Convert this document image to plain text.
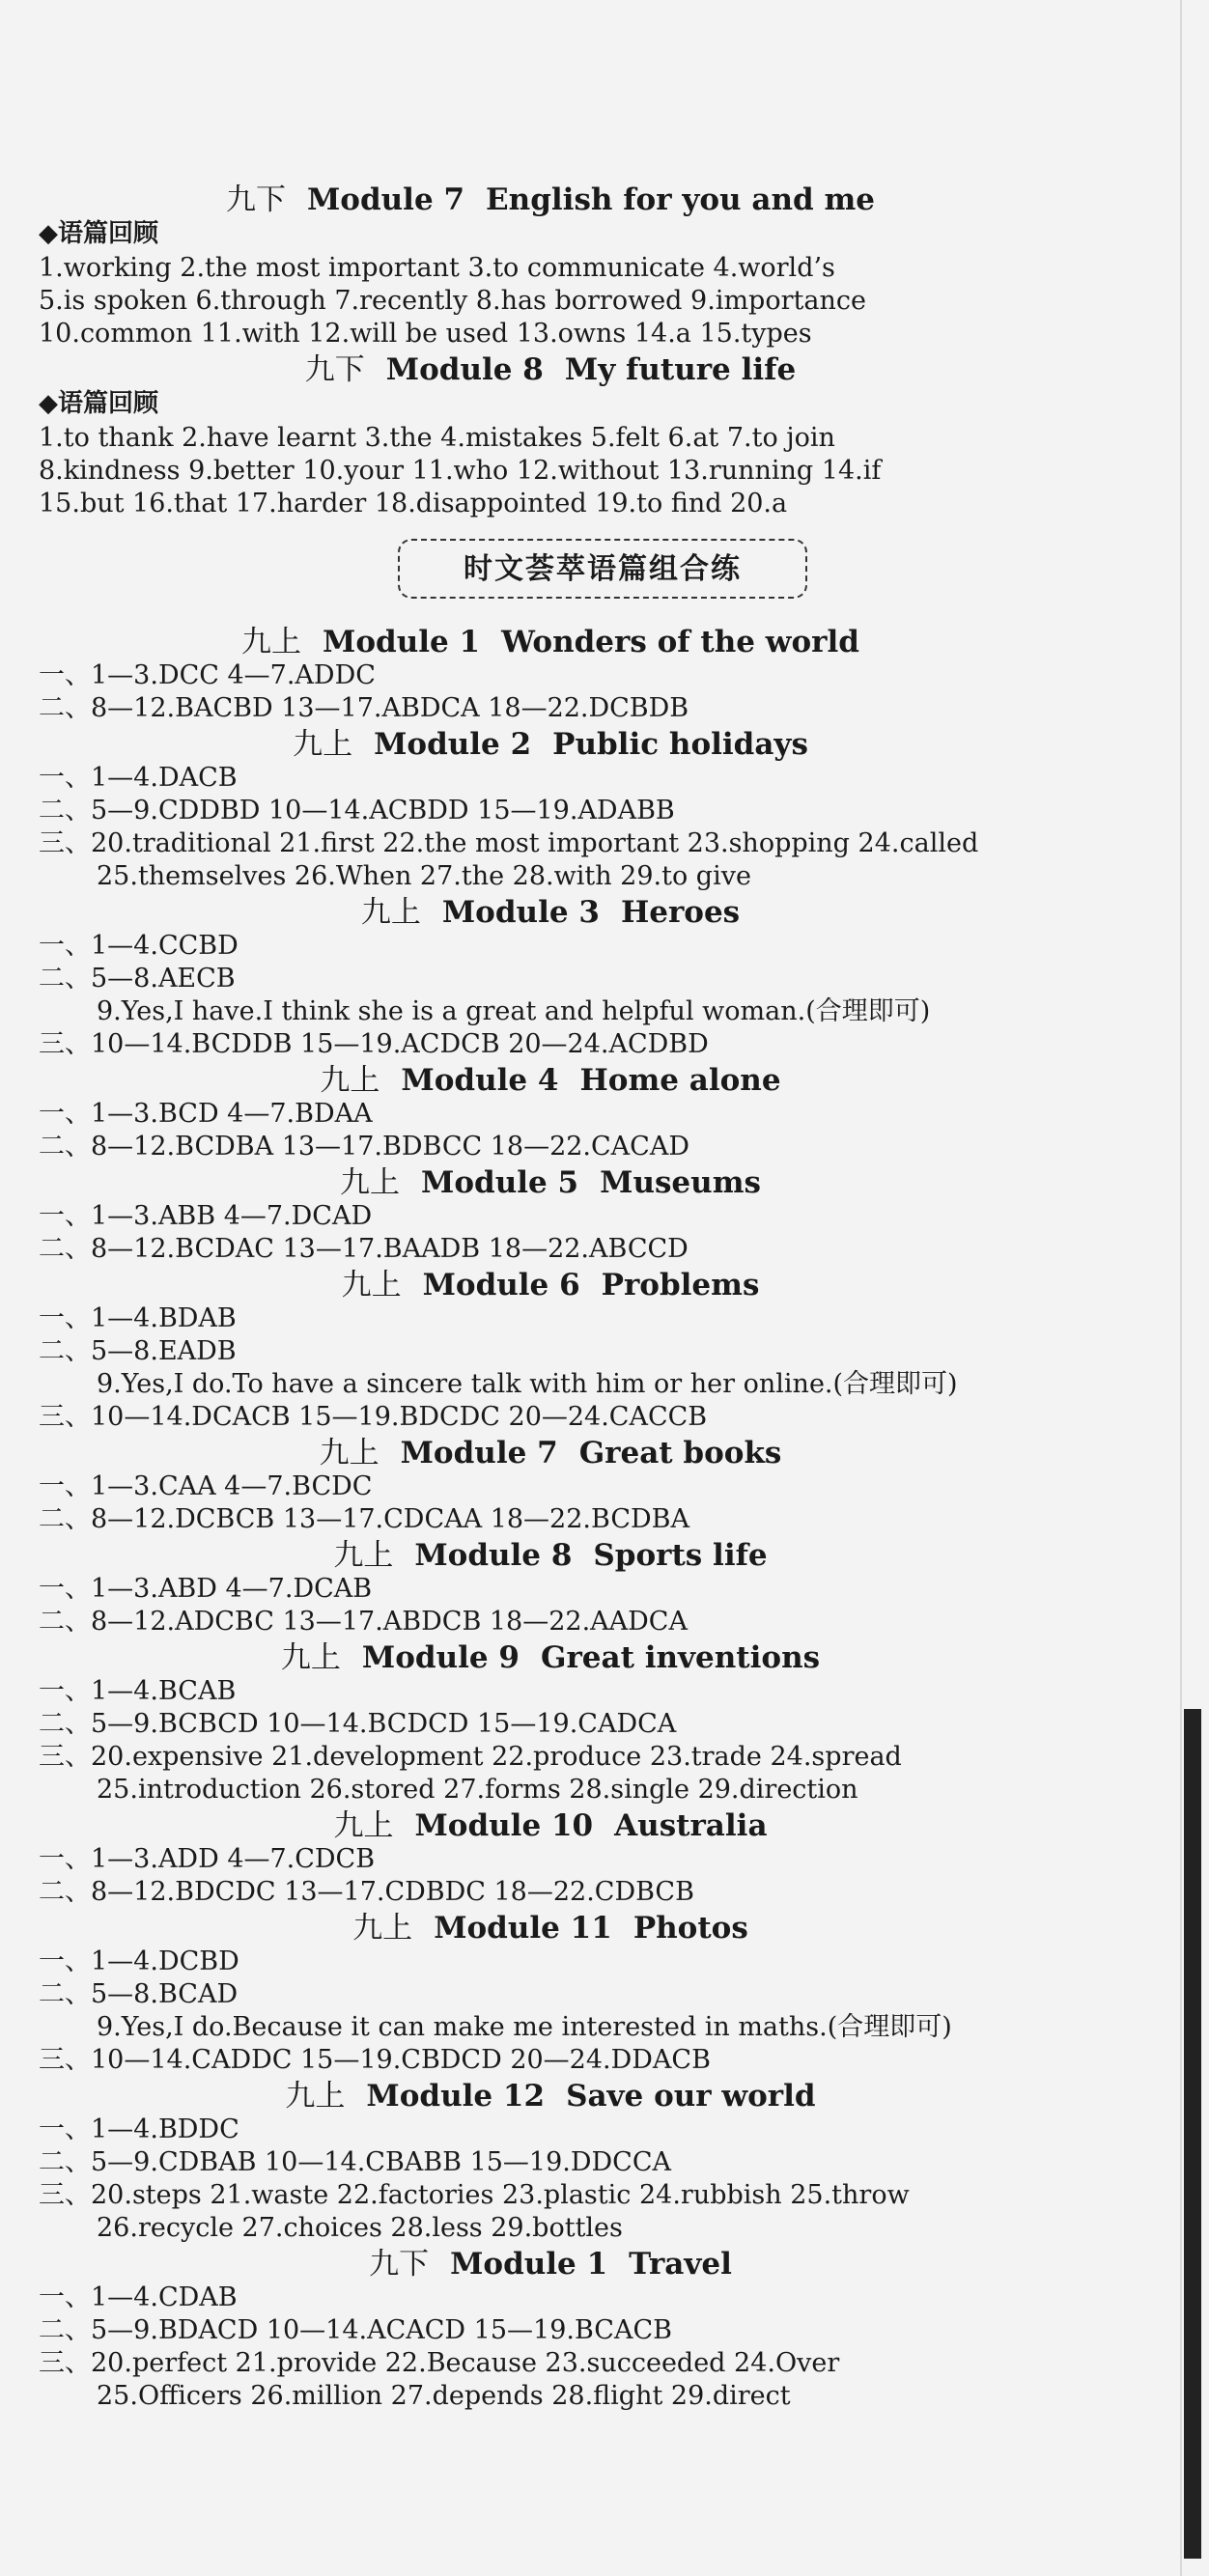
九下 Module 7 English for you and me
◆语篇回顾
1.working 2.the most important 3.to communicate 4.world’s
5.is spoken 6.through 7.recently 8.has borrowed 9.importance
10.common 11.with 12.will be used 13.owns 14.a 15.types
九下 Module 8 My future life
◆语篇回顾
1.to thank 2.have learnt 3.the 4.mistakes 5.felt 6.at 7.to join
8.kindness 9.better 10.your 11.who 12.without 13.running 14.if
15.but 16.that 17.harder 18.disappointed 19.to find 20.a
时文荟萃语篇组合练
九上 Module 1 Wonders of the world
一、1—3.DCC 4—7.ADDC
二、8—12.BACBD 13—17.ABDCA 18—22.DCBDB
九上 Module 2 Public holidays
一、1—4.DACB
二、5—9.CDDBD 10—14.ACBDD 15—19.ADABB
三、20.traditional 21.first 22.the most important 23.shopping 24.called
25.themselves 26.When 27.the 28.with 29.to give
九上 Module 3 Heroes
一、1—4.CCBD
二、5—8.AECB
9.Yes,I have.I think she is a great and helpful woman.(合理即可)
三、10—14.BCDDB 15—19.ACDCB 20—24.ACDBD
九上 Module 4 Home alone
一、1—3.BCD 4—7.BDAA
二、8—12.BCDBA 13—17.BDBCC 18—22.CACAD
九上 Module 5 Museums
一、1—3.ABB 4—7.DCAD
二、8—12.BCDAC 13—17.BAADB 18—22.ABCCD
九上 Module 6 Problems
一、1—4.BDAB
二、5—8.EADB
9.Yes,I do.To have a sincere talk with him or her online.(合理即可)
三、10—14.DCACB 15—19.BDCDC 20—24.CACCB
九上 Module 7 Great books
一、1—3.CAA 4—7.BCDC
二、8—12.DCBCB 13—17.CDCAA 18—22.BCDBA
九上 Module 8 Sports life
一、1—3.ABD 4—7.DCAB
二、8—12.ADCBC 13—17.ABDCB 18—22.AADCA
九上 Module 9 Great inventions
一、1—4.BCAB
二、5—9.BCBCD 10—14.BCDCD 15—19.CADCA
三、20.expensive 21.development 22.produce 23.trade 24.spread
25.introduction 26.stored 27.forms 28.single 29.direction
九上 Module 10 Australia
一、1—3.ADD 4—7.CDCB
二、8—12.BDCDC 13—17.CDBDC 18—22.CDBCB
九上 Module 11 Photos
一、1—4.DCBD
二、5—8.BCAD
9.Yes,I do.Because it can make me interested in maths.(合理即可)
三、10—14.CADDC 15—19.CBDCD 20—24.DDACB
九上 Module 12 Save our world
一、1—4.BDDC
二、5—9.CDBAB 10—14.CBABB 15—19.DDCCA
三、20.steps 21.waste 22.factories 23.plastic 24.rubbish 25.throw
26.recycle 27.choices 28.less 29.bottles
九下 Module 1 Travel
一、1—4.CDAB
二、5—9.BDACD 10—14.ACACD 15—19.BCACB
三、20.perfect 21.provide 22.Because 23.succeeded 24.Over
25.Officers 26.million 27.depends 28.flight 29.direct
